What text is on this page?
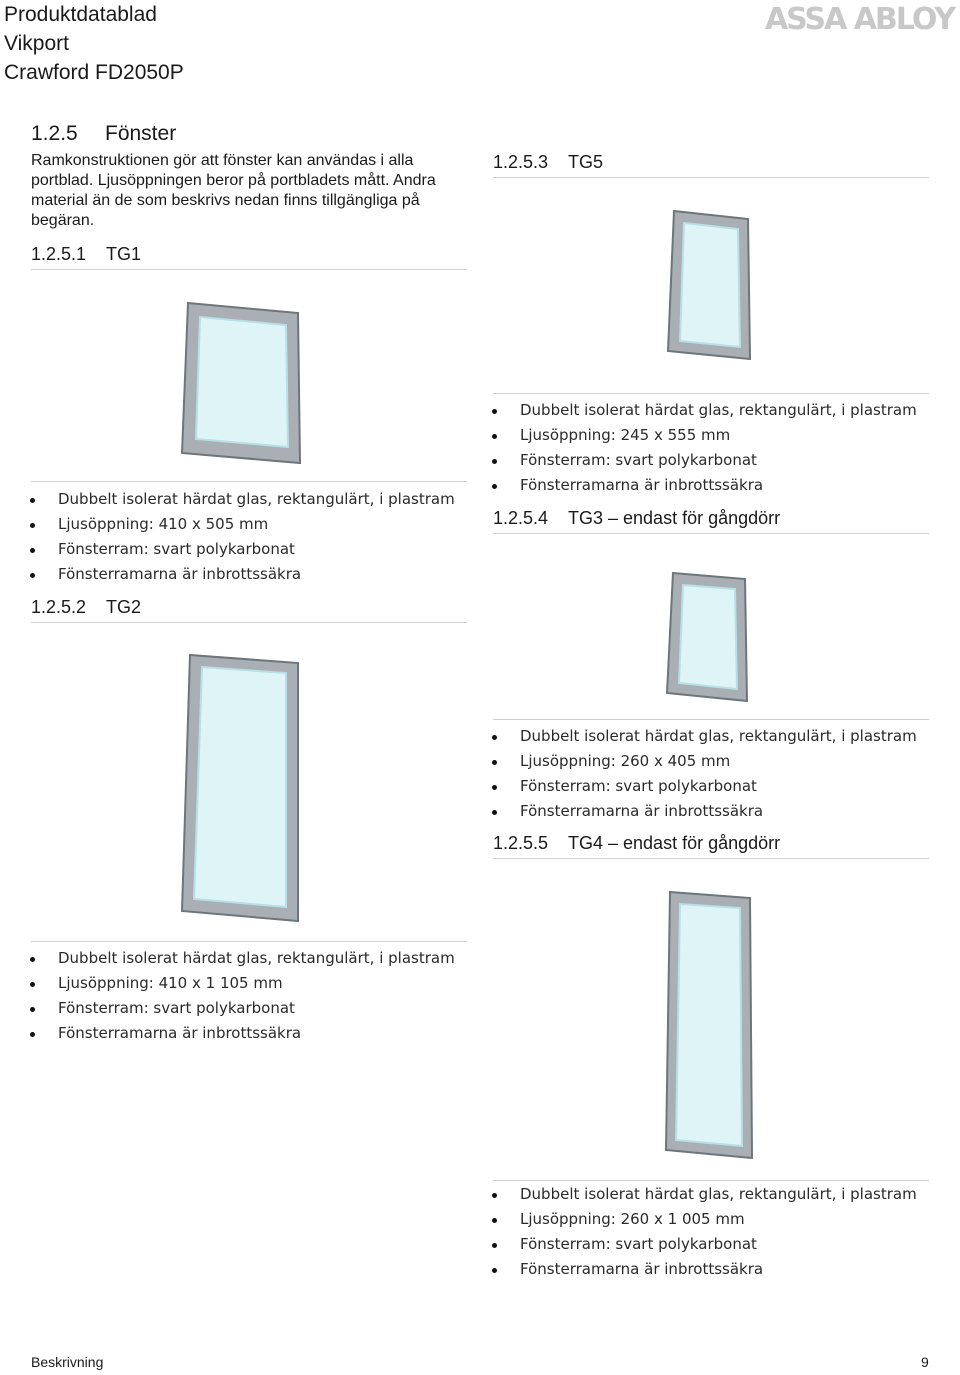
Produktdatablad
Vikport
Crawford FD2050P
ASSA ABLOY
1.2.5 Fönster
Ramkonstruktionen gör att fönster kan användas i alla portblad. Ljusöppningen beror på portbladets mått. Andra material än de som beskrivs nedan finns tillgängliga på begäran.
1.2.5.1 TG1
Dubbelt isolerat härdat glas, rektangulärt, i plastram
Ljusöppning: 410 x 505 mm
Fönsterram: svart polykarbonat
Fönsterramarna är inbrottssäkra
1.2.5.2 TG2
Dubbelt isolerat härdat glas, rektangulärt, i plastram
Ljusöppning: 410 x 1 105 mm
Fönsterram: svart polykarbonat
Fönsterramarna är inbrottssäkra
1.2.5.3 TG5
Dubbelt isolerat härdat glas, rektangulärt, i plastram
Ljusöppning: 245 x 555 mm
Fönsterram: svart polykarbonat
Fönsterramarna är inbrottssäkra
1.2.5.4 TG3 – endast för gångdörr
Dubbelt isolerat härdat glas, rektangulärt, i plastram
Ljusöppning: 260 x 405 mm
Fönsterram: svart polykarbonat
Fönsterramarna är inbrottssäkra
1.2.5.5 TG4 – endast för gångdörr
Dubbelt isolerat härdat glas, rektangulärt, i plastram
Ljusöppning: 260 x 1 005 mm
Fönsterram: svart polykarbonat
Fönsterramarna är inbrottssäkra
Beskrivning	9
